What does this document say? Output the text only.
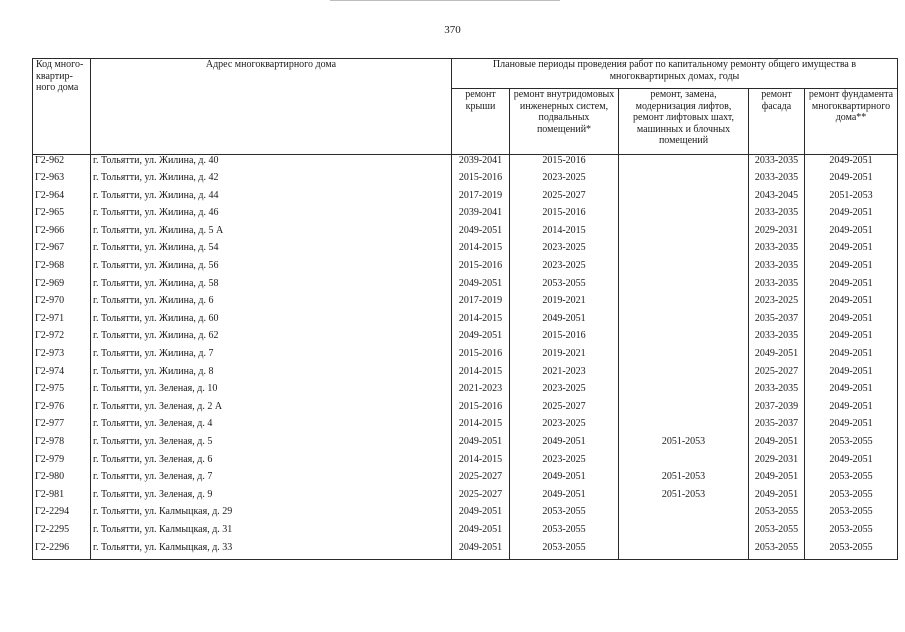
370
Код много-квартир-ного дома	Адрес многоквартирного дома	Плановые периоды проведения работ по капитальному ремонту общего имущества в многоквартирных домах, годы				
		ремонт крыши	ремонт внутридомовых инженерных систем, подвальных помещений*	ремонт, замена, модернизация лифтов, ремонт лифтовых шахт, машинных и блочных помещений	ремонт фасада	ремонт фундамента многоквартирного дома**
Г2-962	г. Тольятти, ул. Жилина, д. 40	2039-2041	2015-2016		2033-2035	2049-2051
Г2-963	г. Тольятти, ул. Жилина, д. 42	2015-2016	2023-2025		2033-2035	2049-2051
Г2-964	г. Тольятти, ул. Жилина, д. 44	2017-2019	2025-2027		2043-2045	2051-2053
Г2-965	г. Тольятти, ул. Жилина, д. 46	2039-2041	2015-2016		2033-2035	2049-2051
Г2-966	г. Тольятти, ул. Жилина, д. 5 А	2049-2051	2014-2015		2029-2031	2049-2051
Г2-967	г. Тольятти, ул. Жилина, д. 54	2014-2015	2023-2025		2033-2035	2049-2051
Г2-968	г. Тольятти, ул. Жилина, д. 56	2015-2016	2023-2025		2033-2035	2049-2051
Г2-969	г. Тольятти, ул. Жилина, д. 58	2049-2051	2053-2055		2033-2035	2049-2051
Г2-970	г. Тольятти, ул. Жилина, д. 6	2017-2019	2019-2021		2023-2025	2049-2051
Г2-971	г. Тольятти, ул. Жилина, д. 60	2014-2015	2049-2051		2035-2037	2049-2051
Г2-972	г. Тольятти, ул. Жилина, д. 62	2049-2051	2015-2016		2033-2035	2049-2051
Г2-973	г. Тольятти, ул. Жилина, д. 7	2015-2016	2019-2021		2049-2051	2049-2051
Г2-974	г. Тольятти, ул. Жилина, д. 8	2014-2015	2021-2023		2025-2027	2049-2051
Г2-975	г. Тольятти, ул. Зеленая, д. 10	2021-2023	2023-2025		2033-2035	2049-2051
Г2-976	г. Тольятти, ул. Зеленая, д. 2 А	2015-2016	2025-2027		2037-2039	2049-2051
Г2-977	г. Тольятти, ул. Зеленая, д. 4	2014-2015	2023-2025		2035-2037	2049-2051
Г2-978	г. Тольятти, ул. Зеленая, д. 5	2049-2051	2049-2051	2051-2053	2049-2051	2053-2055
Г2-979	г. Тольятти, ул. Зеленая, д. 6	2014-2015	2023-2025		2029-2031	2049-2051
Г2-980	г. Тольятти, ул. Зеленая, д. 7	2025-2027	2049-2051	2051-2053	2049-2051	2053-2055
Г2-981	г. Тольятти, ул. Зеленая, д. 9	2025-2027	2049-2051	2051-2053	2049-2051	2053-2055
Г2-2294	г. Тольятти, ул. Калмыцкая, д. 29	2049-2051	2053-2055		2053-2055	2053-2055
Г2-2295	г. Тольятти, ул. Калмыцкая, д. 31	2049-2051	2053-2055		2053-2055	2053-2055
Г2-2296	г. Тольятти, ул. Калмыцкая, д. 33	2049-2051	2053-2055		2053-2055	2053-2055
